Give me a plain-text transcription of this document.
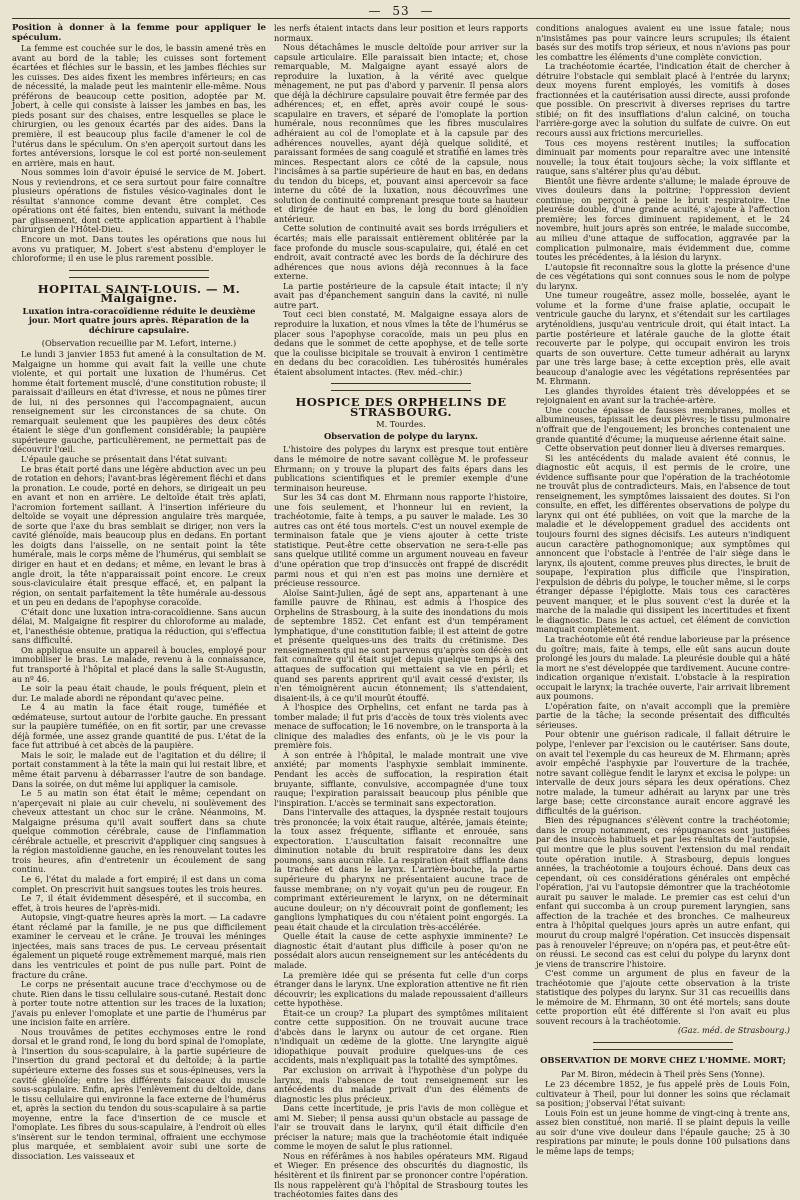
— 53 —
Position à donner à la femme pour appliquer le spéculum.

La femme est couchée sur le dos, le bassin amené très en avant au bord de la table; les cuisses sont fortement écartées et fléchies sur le bassin, et les jambes fléchies sur les cuisses. Des aides fixent les membres inférieurs; en cas de nécessité, la malade peut les maintenir elle-même. Nous préférons de beaucoup cette position, adoptée par M. Jobert, à celle qui consiste à laisser les jambes en bas, les pieds posant sur des chaises, entre lesquelles se place le chirurgien, ou les genoux écartés par des aides. Dans la première, il est beaucoup plus facile d'amener le col de l'utérus dans le spéculum. On s'en aperçoit surtout dans les fortes antéversions, lorsque le col est porté non-seulement en arrière, mais en haut.

Nous sommes loin d'avoir épuisé le service de M. Jobert. Nous y reviendrons, et ce sera surtout pour faire connaître plusieurs opérations de fistules vésico-vaginales dont le résultat s'annonce comme devant être complet. Ces opérations ont été faites, bien entendu, suivant la méthode par glissement, dont cette application appartient à l'habile chirurgien de l'Hôtel-Dieu.

Encore un mot. Dans toutes les opérations que nous lui avons vu pratiquer, M. Jobert s'est abstenu d'employer le chloroforme; il en use le plus rarement possible.

HOPITAL SAINT-LOUIS. — M. Malgaigne.
Luxation intra-coracoïdienne réduite le deuxième jour. Mort quatre jours après. Réparation de la déchirure capsulaire.
(Observation recueillie par M. Lefort, interne.)

Le lundi 3 janvier 1853 fut amené à la consultation de M. Malgaigne un homme qui avait fait la veille une chute violente, et qui portait une luxation de l'humérus. Cet homme était fortement musclé, d'une constitution robuste; il paraissait d'ailleurs en état d'ivresse, et nous ne pûmes tirer de lui, ni des personnes qui l'accompagnaient, aucun renseignement sur les circonstances de sa chute. On remarquait seulement que les paupières des deux côtés étaient le siège d'un gonflement considérable; la paupière supérieure gauche, particulièrement, ne permettait pas de découvrir l'œil.

L'épaule gauche se présentait dans l'état suivant:

Le bras était porté dans une légère abduction avec un peu de rotation en dehors; l'avant-bras légèrement fléchi et dans la pronation. Le coude, porté en dehors, se dirigeait un peu en avant et non en arrière. Le deltoïde était très aplati, l'acromion fortement saillant. À l'insertion inférieure du deltoïde se voyait une dépression angulaire très marquée, de sorte que l'axe du bras semblait se diriger, non vers la cavité glénoïde, mais beaucoup plus en dedans. En portant les doigts dans l'aisselle, on ne sentait point la tête humérale, mais le corps même de l'humérus, qui semblait se diriger en haut et en dedans; et même, en levant le bras à angle droit, la tête n'apparaissait point encore. Le creux sous-claviculaire était presque effacé, et, en palpant la région, on sentait parfaitement la tête humérale au-dessous et un peu en dedans de l'apophyse coracoïde.

C'était donc une luxation intra-coracoïdienne. Sans aucun délai, M. Malgaigne fit respirer du chloroforme au malade, et, l'anesthésie obtenue, pratiqua la réduction, qui s'effectua sans difficulté.

On appliqua ensuite un appareil à boucles, employé pour immobiliser le bras. Le malade, revenu à la connaissance, fut transporté à l'hôpital et placé dans la salle St-Augustin, au nº 46.

Le soir la peau était chaude, le pouls fréquent, plein et dur. Le malade abordi ne répondant qu'avec peine.

Le 4 au matin la face était rouge, tuméfiée et œdémateuse, surtout autour de l'orbite gauche. En pressant sur la paupière tuméfiée, on en fit sortir, par une crevasse déjà formée, une assez grande quantité de pus. L'état de la face fut attribué à cet abcès de la paupière.

Mais le soir, le malade eut de l'agitation et du délire; il portait constamment à la tête la main qui lui restait libre, et même était parvenu à débarrasser l'autre de son bandage. Dans la soirée, on dut même lui appliquer la camisole.

Le 5 au matin son état était le même; cependant on n'aperçevait ni plaie au cuir chevelu, ni soulèvement des cheveux attestant un choc sur le crâne. Néanmoins, M. Malgaigne présuma qu'il avait souffert dans sa chute quelque commotion cérébrale, cause de l'inflammation cérébrale actuelle, et prescrivit d'appliquer cinq sangsues à la région mastoïdienne gauche, en les renouvelant toutes les trois heures, afin d'entretenir un écoulement de sang continu.

Le 6, l'état du malade a fort empiré; il est dans un coma complet. On prescrivit huit sangsues toutes les trois heures.

Le 7, il était évidemment désespéré, et il succomba, en effet, à trois heures de l'après-midi.

Autopsie, vingt-quatre heures après la mort. — La cadavre étant réclamé par la famille, je ne pus que difficilement examiner le cerveau et le crâne. Je trouvai les méninges injectées, mais sans traces de pus. Le cerveau présentait également un piqueté rouge extrêmement marqué, mais rien dans les ventricules et point de pus nulle part. Point de fracture du crâne.

Le corps ne présentait aucune trace d'ecchymose ou de chute. Rien dans le tissu cellulaire sous-cutané. Restait donc à porter toute notre attention sur les traces de la luxation; j'avais pu enlever l'omoplate et une partie de l'humérus par une incision faite en arrière.

Nous trouvâmes de petites ecchymoses entre le rond dorsal et le grand rond, le long du bord spinal de l'omoplate, à l'insertion du sous-scapulaire, à la partie supérieure de l'insertion du grand pectoral et du deltoïde; à la partie supérieure externe des fosses sus et sous-épineuses, vers la cavité glénoïde; entre les différents faisceaux du muscle sous-scapulaire. Enfin, après l'enlèvement du deltoïde, dans le tissu cellulaire qui environne la face externe de l'humérus et, après la section du tendon du sous-scapulaire à sa partie moyenne, entre la face d'insertion de ce muscle et l'omoplate. Les fibres du sous-scapulaire, à l'endroit où elles s'insèrent sur le tendon terminal, offraient une ecchymose plus marquée, et semblaient avoir subi une sorte de dissociation. Les vaisseaux et

les nerfs étaient intacts dans leur position et leurs rapports normaux.

Nous détachâmes le muscle deltoïde pour arriver sur la capsule articulaire. Elle paraissait bien intacte; et, chose remarquable, M. Malgaigne ayant essayé alors de reproduire la luxation, à la vérité avec quelque ménagement, ne put pas d'abord y parvenir. Il pensa alors que déjà la déchirure capsulaire pouvait être fermée par des adhérences; et, en effet, après avoir coupé le sous-scapulaire en travers, et séparé de l'omoplate la portion humérale, nous reconnûmes que les fibres musculaires adhéraient au col de l'omoplate et à la capsule par des adhérences nouvelles, ayant déjà quelque solidité, et paraissant formées de sang coagulé et stratifié en lames très minces. Respectant alors ce côté de la capsule, nous l'incisâmes à sa partie supérieure de haut en bas, en dedans du tendon du biceps, et, pouvant ainsi apercevoir sa face interne du côté de la luxation, nous découvrîmes une solution de continuité comprenant presque toute sa hauteur et dirigée de haut en bas, le long du bord glénoïdien antérieur.

Cette solution de continuité avait ses bords irréguliers et écartés; mais elle paraissait entièrement oblitérée par la face profonde du muscle sous-scapulaire, qui, étalé en cet endroit, avait contracté avec les bords de la déchirure des adhérences que nous avions déjà reconnues à la face externe.

La partie postérieure de la capsule était intacte; il n'y avait pas d'épanchement sanguin dans la cavité, ni nulle autre part.

Tout ceci bien constaté, M. Malgaigne essaya alors de reproduire la luxation, et nous vîmes la tête de l'humérus se placer sous l'apophyse coracoïde, mais un peu plus en dedans que le sommet de cette apophyse, et de telle sorte que la coulisse bicipitale se trouvait à environ 1 centimètre en dedans du bec coracoïdien. Les tubérosités humérales étaient absolument intactes. (Rev. méd.-chir.)

HOSPICE DES ORPHELINS DE STRASBOURG.
M. Tourdes.
Observation de polype du larynx.

L'histoire des polypes du larynx est presque tout entière dans le mémoire de notre savant collègue M. le professeur Ehrmann; on y trouve la plupart des faits épars dans les publications scientifiques et le premier exemple d'une terminaison heureuse.

Sur les 34 cas dont M. Ehrmann nous rapporte l'histoire, une fois seulement, et l'honneur lui en revient, la trachéotomie, faite à temps, a pu sauver le malade. Les 30 autres cas ont été tous mortels. C'est un nouvel exemple de terminaison fatale que je viens ajouter à cette triste statistique. Peut-être cette observation ne sera-t-elle pas sans quelque utilité comme un argument nouveau en faveur d'une opération que trop d'insuccès ont frappé de discrédit parmi nous et qui n'en est pas moins une dernière et précieuse ressource.

Aloïse Saint-Julien, âgé de sept ans, appartenant à une famille pauvre de Rhinau, est admis à l'hospice des Orphelins de Strasbourg, à la suite des inondations du mois de septembre 1852. Cet enfant est d'un tempérament lymphatique, d'une constitution faible; il est atteint de gotre et présente quelques-uns des traits du crétinisme. Des renseignements qui ne sont parvenus qu'après son décès ont fait connaître qu'il était sujet depuis quelque temps à des attaques de suffocation qui mettaient sa vie en péril; et quand ses parents apprirent qu'il avait cessé d'exister, ils n'en témoignèrent aucun étonnement; ils s'attendaient, disaient-ils, à ce qu'il mourût étouffé.

À l'hospice des Orphelins, cet enfant ne tarda pas à tomber malade; il fut pris d'accès de toux très violents avec menace de suffocation; le 16 novembre, on le transporta à la clinique des maladies des enfants, où je le vis pour la première fois.

À son entrée à l'hôpital, le malade montrait une vive anxiété; par moments l'asphyxie semblait imminente. Pendant les accès de suffocation, la respiration était bruyante, sifflante, convulsive, accompagnée d'une toux rauque; l'expiration paraissait beaucoup plus pénible que l'inspiration. L'accès se terminait sans expectoration.

Dans l'intervalle des attaques, la dyspnée restait toujours très prononcée; la voix était rauque, altérée, jamais éteinte; la toux assez fréquente, sifflante et enrouée, sans expectoration. L'auscultation faisait reconnaître une diminution notable du bruit respiratoire dans les deux poumons, sans aucun râle. La respiration était sifflante dans la trachée et dans le larynx. L'arrière-bouche, la partie supérieure du pharynx ne présentaient aucune trace de fausse membrane; on n'y voyait qu'un peu de rougeur. En comprimant extérieurement le larynx, on ne déterminait aucune douleur; on n'y découvrait point de gonflement; les ganglions lymphatiques du cou n'étaient point engorgés. La peau était chaude et la circulation très-accélérée.

Quelle était la cause de cette asphyxie imminente? Le diagnostic était d'autant plus difficile à poser qu'on ne possédait alors aucun renseignement sur les antécédents du malade.

La première idée qui se présenta fut celle d'un corps étranger dans le larynx. Une exploration attentive ne fit rien découvrir; les explications du malade repoussaient d'ailleurs cette hypothèse.

Était-ce un croup? La plupart des symptômes militaient contre cette supposition. On ne trouvait aucune trace d'abcès dans le larynx ou autour de cet organe. Rien n'indiquait un œdème de la glotte. Une laryngite aiguë idiopathique pouvait produire quelques-uns de ces accidents, mais n'expliquait pas la totalité des symptômes.

Par exclusion on arrivait à l'hypothèse d'un polype du larynx, mais l'absence de tout renseignement sur les antécédents du malade privait d'un des éléments de diagnostic les plus précieux.

Dans cette incertitude, je pris l'avis de mon collègue et ami M. Sieber; il pensa aussi qu'un obstacle au passage de l'air se trouvait dans le larynx, qu'il était difficile d'en préciser la nature; mais que la trachéotomie était indiquée comme le moyen de salut le plus rationnel.

Nous en référâmes à nos habiles opérateurs MM. Rigaud et Wieger. En présence des obscurités du diagnostic, ils hésitèrent et ils finirent par se prononcer contre l'opération. Ils nous rappelèrent qu'à l'hôpital de Strasbourg toutes les trachéotomies faites dans des

conditions analogues avaient eu une issue fatale; nous n'insistâmes pas pour vaincre leurs scrupules; ils étaient basés sur des motifs trop sérieux, et nous n'avions pas pour les combattre les éléments d'une complète conviction.

La trachéotomie écartée, l'indication était de chercher à détruire l'obstacle qui semblait placé à l'entrée du larynx; deux moyens furent employés, les vomitifs à doses fractionnées et la cautérisation aussi directe, aussi profonde que possible. On prescrivit à diverses reprises du tartre stibié; on fit des insufflations d'alun calciné, on toucha l'arrière-gorge avec la solution du sulfate de cuivre. On eut recours aussi aux frictions mercurielles.

Tous ces moyens restèrent inutiles; la suffocation diminuait par moments pour reparaître avec une intensité nouvelle; la toux était toujours sèche; la voix sifflante et rauque, sans s'altérer plus qu'au début.

Bientôt une fièvre ardente s'allume; le malade éprouve de vives douleurs dans la poitrine; l'oppression devient continue; on perçoit à peine le bruit respiratoire. Une pleurésie double, d'une grande acuité, s'ajoute à l'affection première; les forces diminuent rapidement, et le 24 novembre, huit jours après son entrée, le malade succombe, au milieu d'une attaque de suffocation, aggravée par la complication pulmonaire, mais évidemment due, comme toutes les précédentes, à la lésion du larynx.

L'autopsie fit reconnaître sous la glotte la présence d'une de ces végétations qui sont connues sous le nom de polype du larynx.

Une tumeur rougeâtre, assez molle, bosselée, ayant le volume et la forme d'une fraise aplatie, occupait le ventricule gauche du larynx, et s'étendait sur les cartilages aryténoïdiens, jusqu'au ventricule droit, qui était intact. La partie postérieure et latérale gauche de la glotte était recouverte par le polype, qui occupait environ les trois quarts de son ouverture. Cette tumeur adhérait au larynx par une très large base; à cette exception près, elle avait beaucoup d'analogie avec les végétations représentées par M. Ehrmann.

Les glandes thyroïdes étaient très développées et se rejoignaient en avant sur la trachée-artère.

Une couche épaisse de fausses membranes, molles et albumineuses, tapissait les deux plèvres; le tissu pulmonaire n'offrait que de l'engouement; les bronches contenaient une grande quantité d'écume; la muqueuse aérienne était saine.

Cette observation peut donner lieu à diverses remarques.

Si les antécédents du malade avaient été connus, le diagnostic eût acquis, il est permis de le croire, une évidence suffisante pour que l'opération de la trachéotomie ne trouvât plus de contradicteurs. Mais, en l'absence de tout renseignement, les symptômes laissaient des doutes. Si l'on consulte, en effet, les différentes observations de polype du larynx qui ont été publiées, on voit que la marche de la maladie et le développement graduel des accidents ont toujours fourni des signes décisifs. Les auteurs n'indiquent aucun caractère pathognomonique; aux symptômes qui annoncent que l'obstacle à l'entrée de l'air siège dans le larynx, ils ajoutent, comme preuves plus directes, le bruit de soupape, l'expiration plus difficile que l'inspiration, l'expulsion de débris du polype, le toucher même, si le corps étranger dépasse l'épiglotte. Mais tous ces caractères peuvent manquer, et le plus souvent c'est la durée et la marche de la maladie qui dissipent les incertitudes et fixent le diagnostic. Dans le cas actuel, cet élément de conviction manquait complètement.

La trachéotomie eût été rendue laborieuse par la présence du goître; mais, faite à temps, elle eût sans aucun doute prolongé les jours du malade. La pleurésie double qui a hâté la mort ne s'est développée que tardivement. Aucune contre-indication organique n'existait. L'obstacle à la respiration occupait le larynx; la trachée ouverte, l'air arrivait librement aux poumons.

L'opération faite, on n'avait accompli que la première partie de la tâche; la seconde présentait des difficultés sérieuses.

Pour obtenir une guérison radicale, il fallait détruire le polype, l'enlever par l'excision ou le cautériser. Sans doute, on avait tel l'exemple du cas heureux de M. Ehrmann; après avoir empêché l'asphyxie par l'ouverture de la trachée, notre savant collègue fendit le larynx et excisa le polype: un intervalle de deux jours sépara les deux opérations. Chez notre malade, la tumeur adhérait au larynx par une très large base; cette circonstance aurait encore aggravé les difficultés de la guérison.

Bien des répugnances s'élèvent contre la trachéotomie; dans le croup notamment, ces répugnances sont justifiées par des insuccès habituels et par les résultats de l'autopsie, qui montre que le plus souvent l'extension du mal rendait toute opération inutile. À Strasbourg, depuis longues années, la trachéotomie a toujours échoué. Dans deux cas cependant, où ces considérations générales ont empêché l'opération, j'ai vu l'autopsie démontrer que la trachéotomie aurait pu sauver le malade. Le premier cas est celui d'un enfant qui succomba à un croup purement laryngien, sans affection de la trachée et des bronches. Ce malheureux entra à l'hôpital quelques jours après un autre enfant, qui mourut du croup malgré l'opération. Cet insuccès dispensait pas à renouveler l'épreuve; on n'opéra pas, et peut-être eût-on réussi. Le second cas est celui du polype du larynx dont je viens de transcrire l'histoire.

C'est comme un argument de plus en faveur de la trachéotomie que j'ajoute cette observation à la triste statistique des polypes du larynx. Sur 31 cas recueillis dans le mémoire de M. Ehrmann, 30 ont été mortels; sans doute cette proportion eût été différente si l'on avait eu plus souvent recours à la trachéotomie.

(Gaz. méd. de Strasbourg.)
OBSERVATION DE MORVE CHEZ L'HOMME. MORT;
Par M. Biron, médecin à Theil près Sens (Yonne).

Le 23 décembre 1852, je fus appelé près de Louis Foin, cultivateur à Theil, pour lui donner les soins que réclamait sa position; j'observai l'état suivant:

Louis Foin est un jeune homme de vingt-cinq à trente ans, assez bien constitué, non marié. Il se plaint depuis la veille au soir d'une vive douleur dans l'épaule gauche; 25 à 30 respirations par minute; le pouls donne 100 pulsations dans le même laps de temps;
